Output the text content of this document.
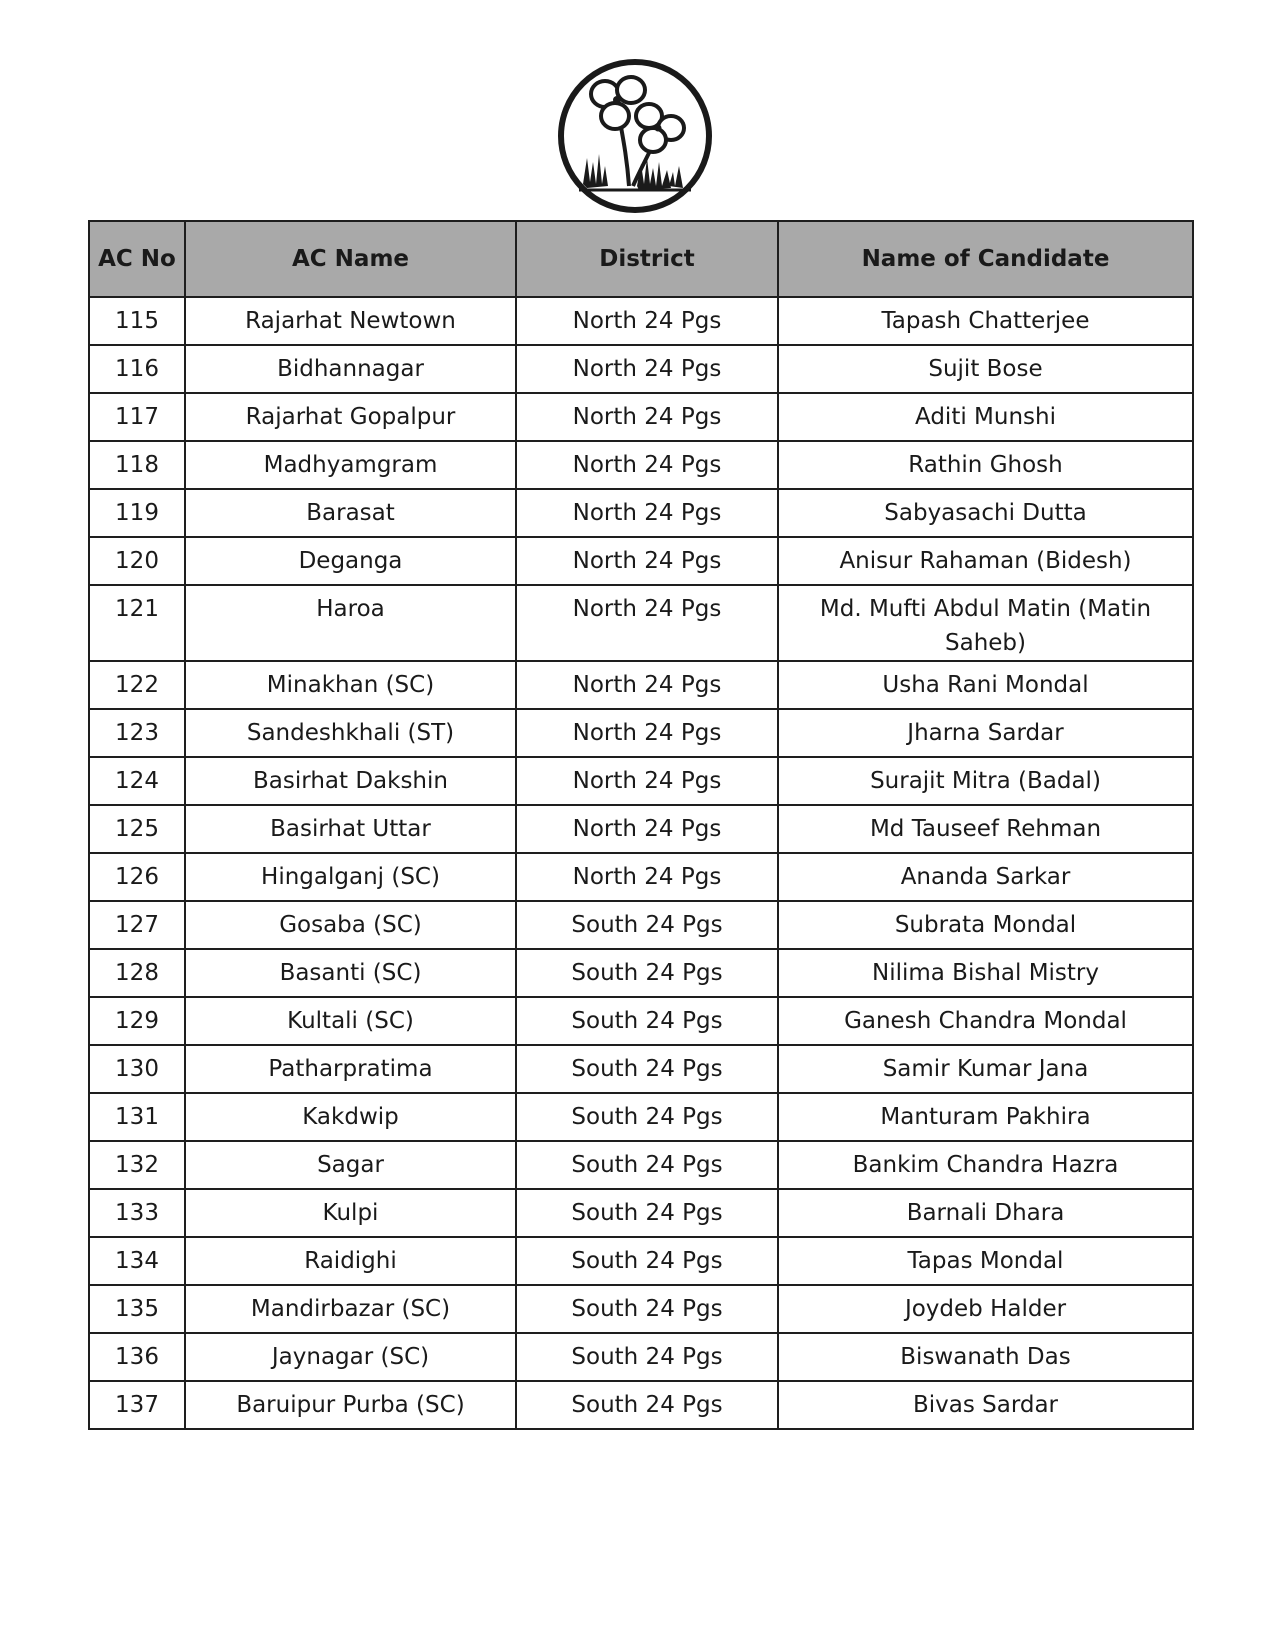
AC No	AC Name	District	Name of Candidate
115	Rajarhat Newtown	North 24 Pgs	Tapash Chatterjee
116	Bidhannagar	North 24 Pgs	Sujit Bose
117	Rajarhat Gopalpur	North 24 Pgs	Aditi Munshi
118	Madhyamgram	North 24 Pgs	Rathin Ghosh
119	Barasat	North 24 Pgs	Sabyasachi Dutta
120	Deganga	North 24 Pgs	Anisur Rahaman (Bidesh)
121	Haroa	North 24 Pgs	Md. Mufti Abdul Matin (Matin Saheb)
122	Minakhan (SC)	North 24 Pgs	Usha Rani Mondal
123	Sandeshkhali (ST)	North 24 Pgs	Jharna Sardar
124	Basirhat Dakshin	North 24 Pgs	Surajit Mitra (Badal)
125	Basirhat Uttar	North 24 Pgs	Md Tauseef Rehman
126	Hingalganj (SC)	North 24 Pgs	Ananda Sarkar
127	Gosaba (SC)	South 24 Pgs	Subrata Mondal
128	Basanti (SC)	South 24 Pgs	Nilima Bishal Mistry
129	Kultali (SC)	South 24 Pgs	Ganesh Chandra Mondal
130	Patharpratima	South 24 Pgs	Samir Kumar Jana
131	Kakdwip	South 24 Pgs	Manturam Pakhira
132	Sagar	South 24 Pgs	Bankim Chandra Hazra
133	Kulpi	South 24 Pgs	Barnali Dhara
134	Raidighi	South 24 Pgs	Tapas Mondal
135	Mandirbazar (SC)	South 24 Pgs	Joydeb Halder
136	Jaynagar (SC)	South 24 Pgs	Biswanath Das
137	Baruipur Purba (SC)	South 24 Pgs	Bivas Sardar
